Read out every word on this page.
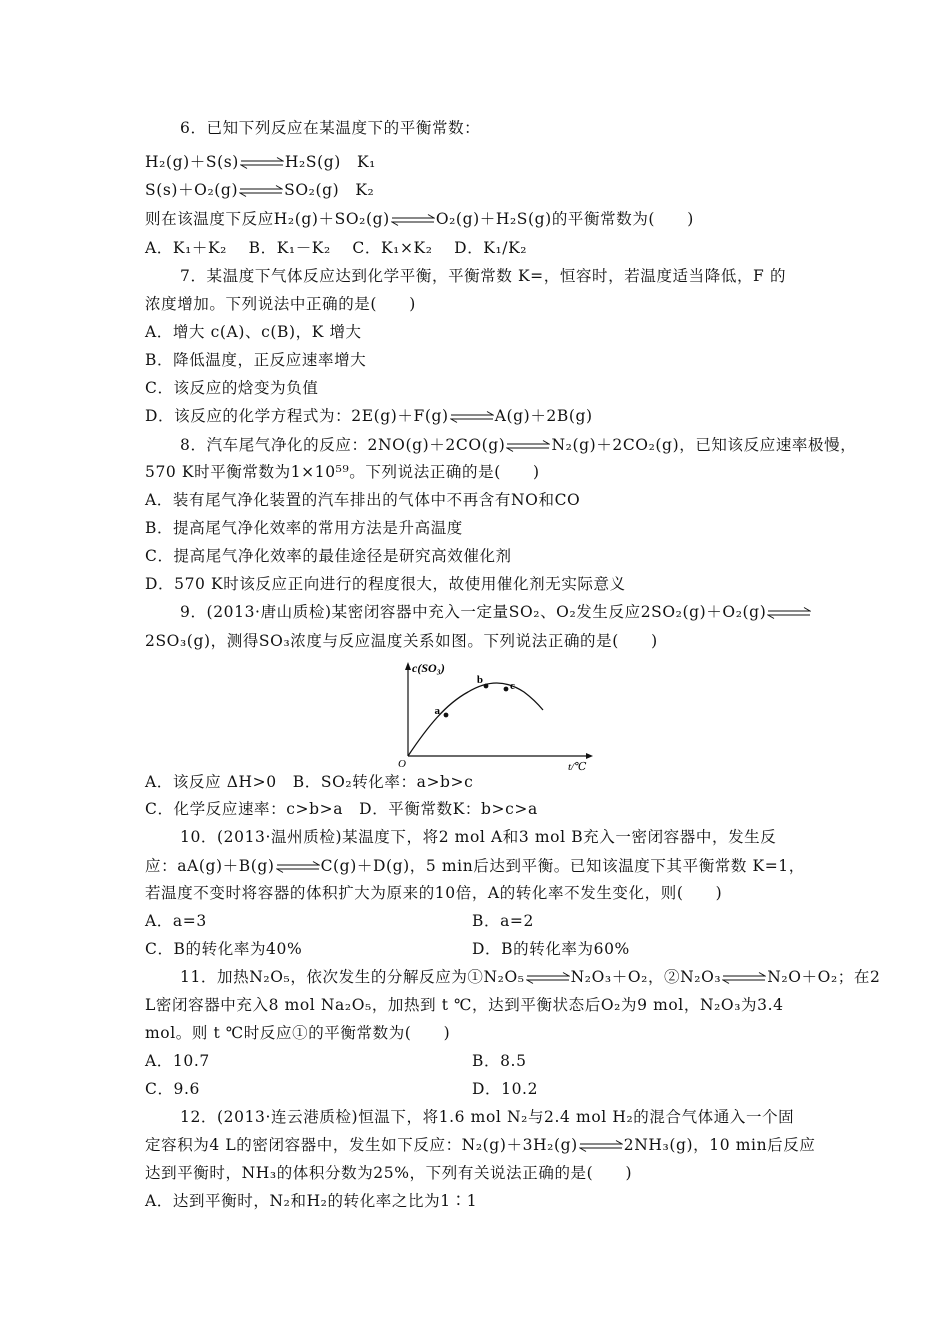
6．已知下列反应在某温度下的平衡常数：
H₂(g)＋S(s)⇌H₂S(g)　K₁
S(s)＋O₂(g)⇌SO₂(g)　K₂
则在该温度下反应H₂(g)＋SO₂(g)⇌O₂(g)＋H₂S(g)的平衡常数为(　　)
A．K₁＋K₂　 B．K₁－K₂　 C．K₁×K₂　 D．K₁/K₂
7．某温度下气体反应达到化学平衡，平衡常数 K=，恒容时，若温度适当降低，F 的
浓度增加。下列说法中正确的是(　　)
A．增大 c(A)、c(B)，K 增大
B．降低温度，正反应速率增大
C．该反应的焓变为负值
D．该反应的化学方程式为：2E(g)＋F(g)⇌A(g)＋2B(g)
8．汽车尾气净化的反应：2NO(g)＋2CO(g)⇌N₂(g)＋2CO₂(g)，已知该反应速率极慢，
570 K时平衡常数为1×10⁵⁹。下列说法正确的是(　　)
A．装有尾气净化装置的汽车排出的气体中不再含有NO和CO
B．提高尾气净化效率的常用方法是升高温度
C．提高尾气净化效率的最佳途径是研究高效催化剂
D．570 K时该反应正向进行的程度很大，故使用催化剂无实际意义
9．(2013·唐山质检)某密闭容器中充入一定量SO₂、O₂发生反应2SO₂(g)＋O₂(g)⇌
2SO₃(g)，测得SO₃浓度与反应温度关系如图。下列说法正确的是(　　)
a
b c
c(SO₃)
O	t/℃
A．该反应 ΔH>0　B．SO₂转化率：a>b>c
C．化学反应速率：c>b>a　D．平衡常数K：b>c>a
10．(2013·温州质检)某温度下，将2 mol A和3 mol B充入一密闭容器中，发生反
应：aA(g)＋B(g)⇌C(g)＋D(g)，5 min后达到平衡。已知该温度下其平衡常数 K=1，
若温度不变时将容器的体积扩大为原来的10倍，A的转化率不发生变化，则(　　)
A．a=3	B．a=2
C．B的转化率为40%	D．B的转化率为60%
11．加热N₂O₅，依次发生的分解反应为①N₂O₅⇌N₂O₃＋O₂，②N₂O₃⇌N₂O＋O₂；在2
L密闭容器中充入8 mol Na₂O₅，加热到 t ℃，达到平衡状态后O₂为9 mol，N₂O₃为3.4
mol。则 t ℃时反应①的平衡常数为(　　)
A．10.7	B．8.5
C．9.6	D．10.2
12．(2013·连云港质检)恒温下，将1.6 mol N₂与2.4 mol H₂的混合气体通入一个固
定容积为4 L的密闭容器中，发生如下反应：N₂(g)＋3H₂(g)⇌2NH₃(g)，10 min后反应
达到平衡时，NH₃的体积分数为25%，下列有关说法正确的是(　　)
A．达到平衡时，N₂和H₂的转化率之比为1∶1
